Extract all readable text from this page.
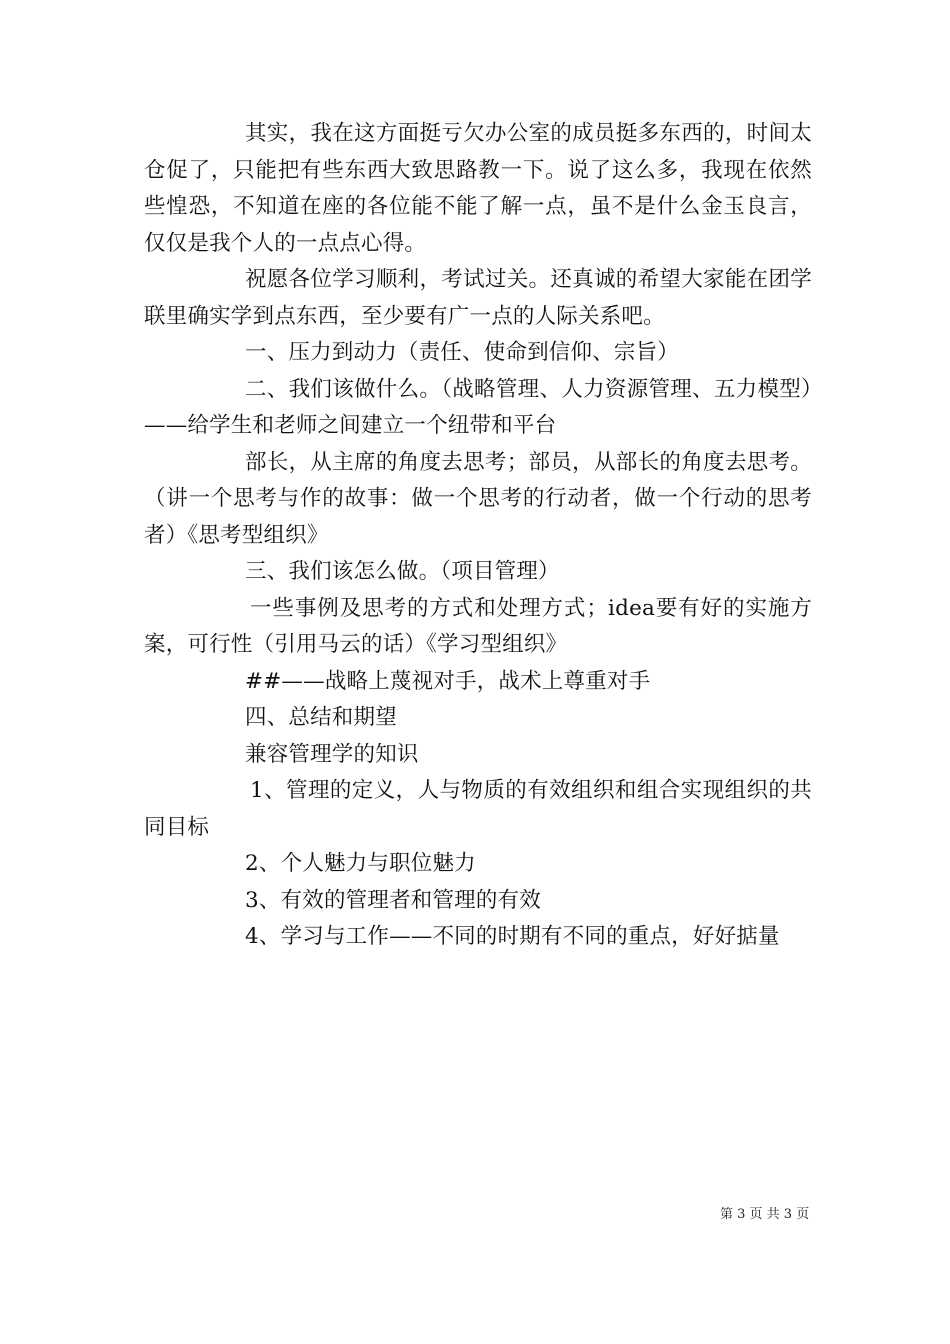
其实，我在这方面挺亏欠办公室的成员挺多东西的，时间太仓促了，只能把有些东西大致思路教一下。说了这么多，我现在依然些惶恐，不知道在座的各位能不能了解一点，虽不是什么金玉良言，仅仅是我个人的一点点心得。

祝愿各位学习顺利，考试过关。还真诚的希望大家能在团学联里确实学到点东西，至少要有广一点的人际关系吧。

一、压力到动力（责任、使命到信仰、宗旨）

二、我们该做什么。（战略管理、人力资源管理、五力模型）——给学生和老师之间建立一个纽带和平台

部长，从主席的角度去思考；部员，从部长的角度去思考。（讲一个思考与作的故事：做一个思考的行动者，做一个行动的思考者）《思考型组织》

三、我们该怎么做。（项目管理）

一些事例及思考的方式和处理方式；idea要有好的实施方案，可行性（引用马云的话）《学习型组织》

##——战略上蔑视对手，战术上尊重对手

四、总结和期望

兼容管理学的知识

1、管理的定义，人与物质的有效组织和组合实现组织的共同目标

2、个人魅力与职位魅力

3、有效的管理者和管理的有效

4、学习与工作——不同的时期有不同的重点，好好掂量

第 3 页 共 3 页
